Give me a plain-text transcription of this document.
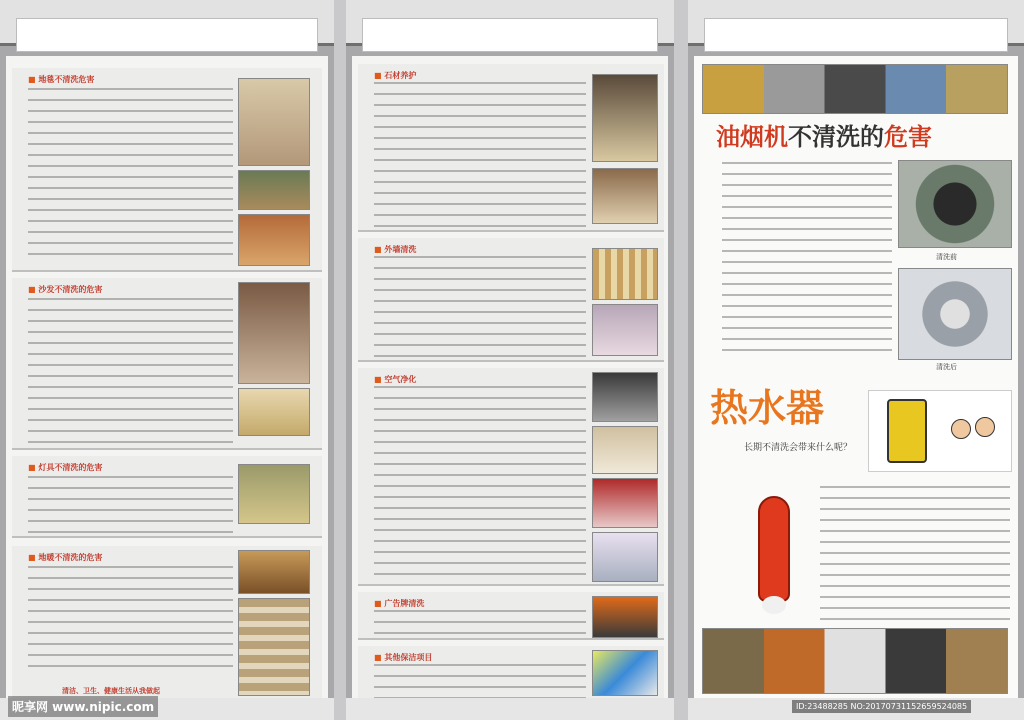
■ 地毯不清洗危害
■ 沙发不清洗的危害
■ 灯具不清洗的危害
■ 地暖不清洗的危害
清洁、卫生、健康生活从我做起
■ 石材养护
■ 外墙清洗
■ 空气净化
■ 广告牌清洗
■ 其他保洁项目
油烟机不清洗的危害
清洗前
清洗后
热水器
长期不清洗会带来什么呢？
昵享网 www.nipic.com	ID:23488285 NO:20170731152659524085
